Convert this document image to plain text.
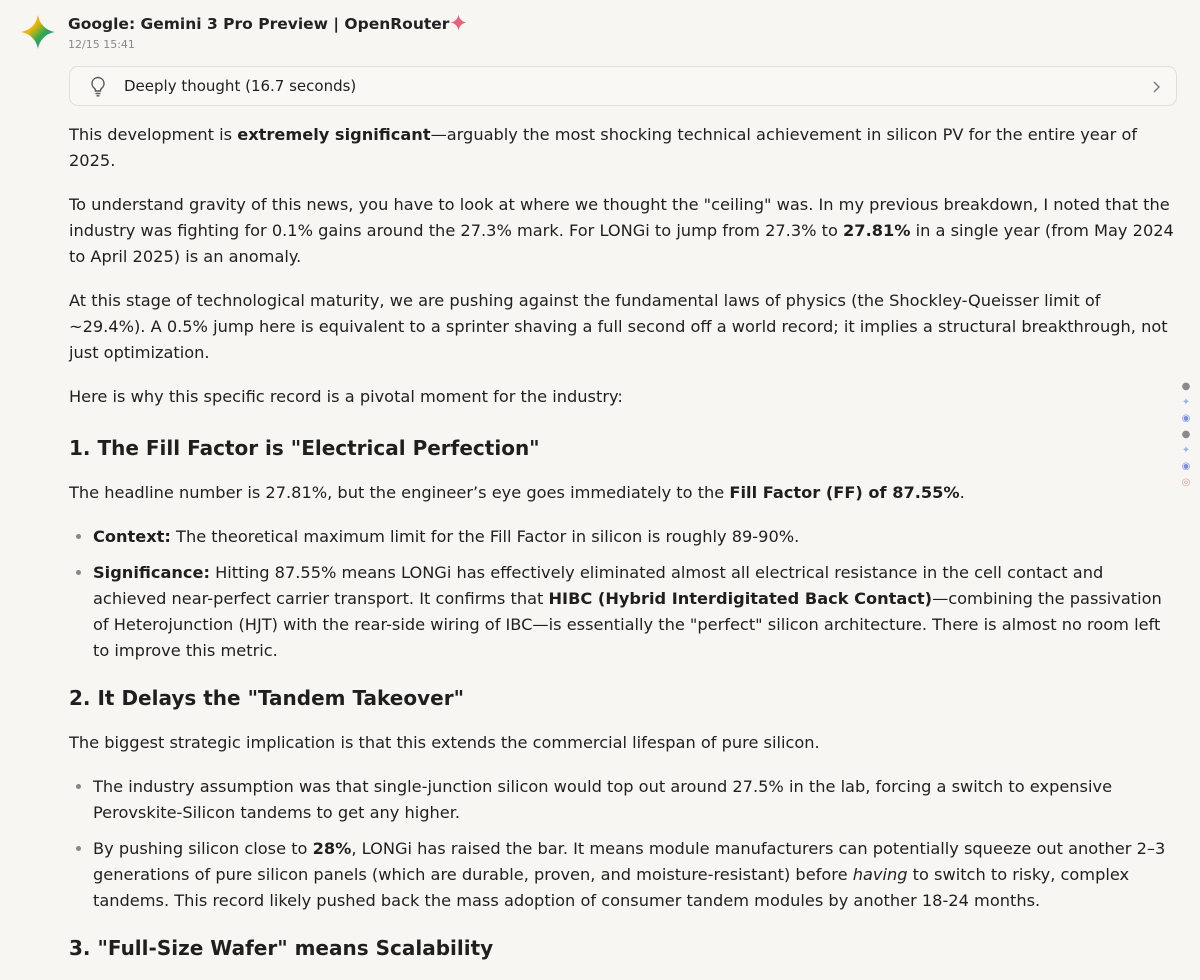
Google: Gemini 3 Pro Preview | OpenRouter
12/15 15:41
Deeply thought (16.7 seconds)

This development is extremely significant—arguably the most shocking technical achievement in silicon PV for the entire year of 2025.

To understand gravity of this news, you have to look at where we thought the "ceiling" was. In my previous breakdown, I noted that the industry was fighting for 0.1% gains around the 27.3% mark. For LONGi to jump from 27.3% to 27.81% in a single year (from May 2024 to April 2025) is an anomaly.

At this stage of technological maturity, we are pushing against the fundamental laws of physics (the Shockley-Queisser limit of ~29.4%). A 0.5% jump here is equivalent to a sprinter shaving a full second off a world record; it implies a structural breakthrough, not just optimization.

Here is why this specific record is a pivotal moment for the industry:

1. The Fill Factor is "Electrical Perfection"

The headline number is 27.81%, but the engineer’s eye goes immediately to the Fill Factor (FF) of 87.55%.

• Context: The theoretical maximum limit for the Fill Factor in silicon is roughly 89-90%.
• Significance: Hitting 87.55% means LONGi has effectively eliminated almost all electrical resistance in the cell contact and achieved near-perfect carrier transport. It confirms that HIBC (Hybrid Interdigitated Back Contact)—combining the passivation of Heterojunction (HJT) with the rear-side wiring of IBC—is essentially the "perfect" silicon architecture. There is almost no room left to improve this metric.
2. It Delays the "Tandem Takeover"

The biggest strategic implication is that this extends the commercial lifespan of pure silicon.

• The industry assumption was that single-junction silicon would top out around 27.5% in the lab, forcing a switch to expensive Perovskite-Silicon tandems to get any higher.
• By pushing silicon close to 28%, LONGi has raised the bar. It means module manufacturers can potentially squeeze out another 2–3 generations of pure silicon panels (which are durable, proven, and moisture-resistant) before having to switch to risky, complex tandems. This record likely pushed back the mass adoption of consumer tandem modules by another 18-24 months.
3. "Full-Size Wafer" means Scalability
●
✦
◉
●
✦
◉
◎
